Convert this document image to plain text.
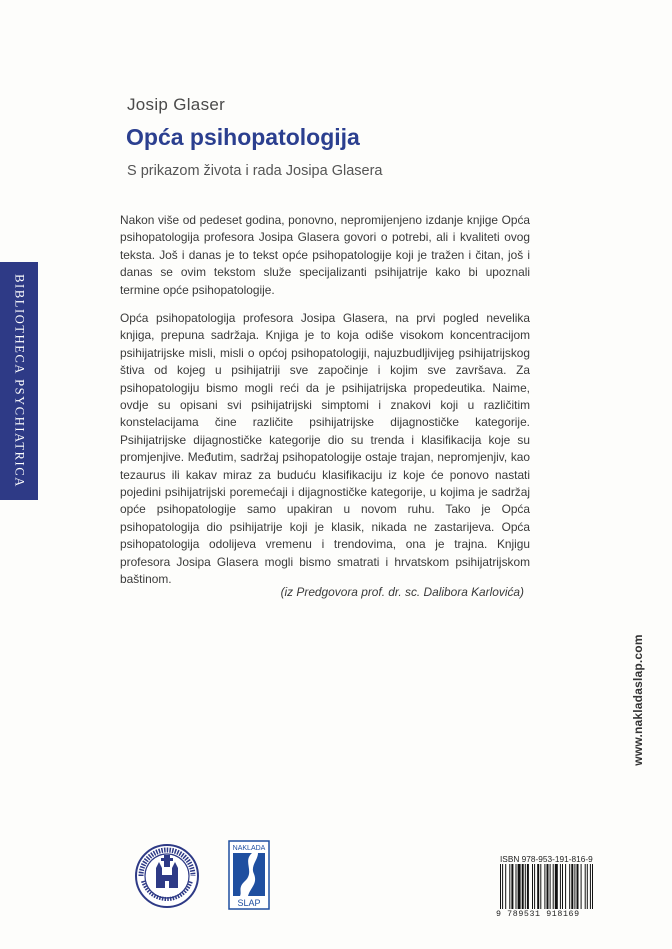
BIBLIOTHECA PSYCHIATRICA
Josip Glaser
Opća psihopatologija
S prikazom života i rada Josipa Glasera

Nakon više od pedeset godina, ponovno, nepromijenjeno izdanje knjige Opća psihopatologija profesora Josipa Glasera govori o potrebi, ali i kvaliteti ovog teksta. Još i danas je to tekst opće psihopatologije koji je tražen i čitan, još i danas se ovim tekstom služe specijalizanti psihijatrije kako bi upoznali termine opće psihopatologije.

Opća psihopatologija profesora Josipa Glasera, na prvi pogled nevelika knjiga, prepuna sadržaja. Knjiga je to koja odiše visokom koncentracijom psihijatrijske misli, misli o općoj psihopatologiji, najuzbudljivijeg psihijatrijskog štiva od kojeg u psihijatriji sve započinje i kojim sve završava. Za psihopatologiju bismo mogli reći da je psihijatrijska propedeutika. Naime, ovdje su opisani svi psihijatrijski simptomi i znakovi koji u različitim konstelacijama čine različite psihijatrijske dijagnostičke kategorije. Psihijatrijske dijagnostičke kategorije dio su trenda i klasifikacija koje su promjenjive. Međutim, sadržaj psihopatologije ostaje trajan, nepromjenjiv, kao tezaurus ili kakav miraz za buduću klasifikaciju iz koje će ponovo nastati pojedini psihijatrijski poremećaji i dijagnostičke kategorije, u kojima je sadržaj opće psihopatologije samo upakiran u novom ruhu. Tako je Opća psihopatologija dio psihijatrije koji je klasik, nikada ne zastarijeva. Opća psihopatologija odolijeva vremenu i trendovima, ona je trajna. Knjigu profesora Josipa Glasera mogli bismo smatrati i hrvatskom psihijatrijskom baštinom.

(iz Predgovora prof. dr. sc. Dalibora Karlovića)
www.nakladaslap.com
NAKLADA
SLAP
ISBN 978-953-191-816-9
9 789531 918169
